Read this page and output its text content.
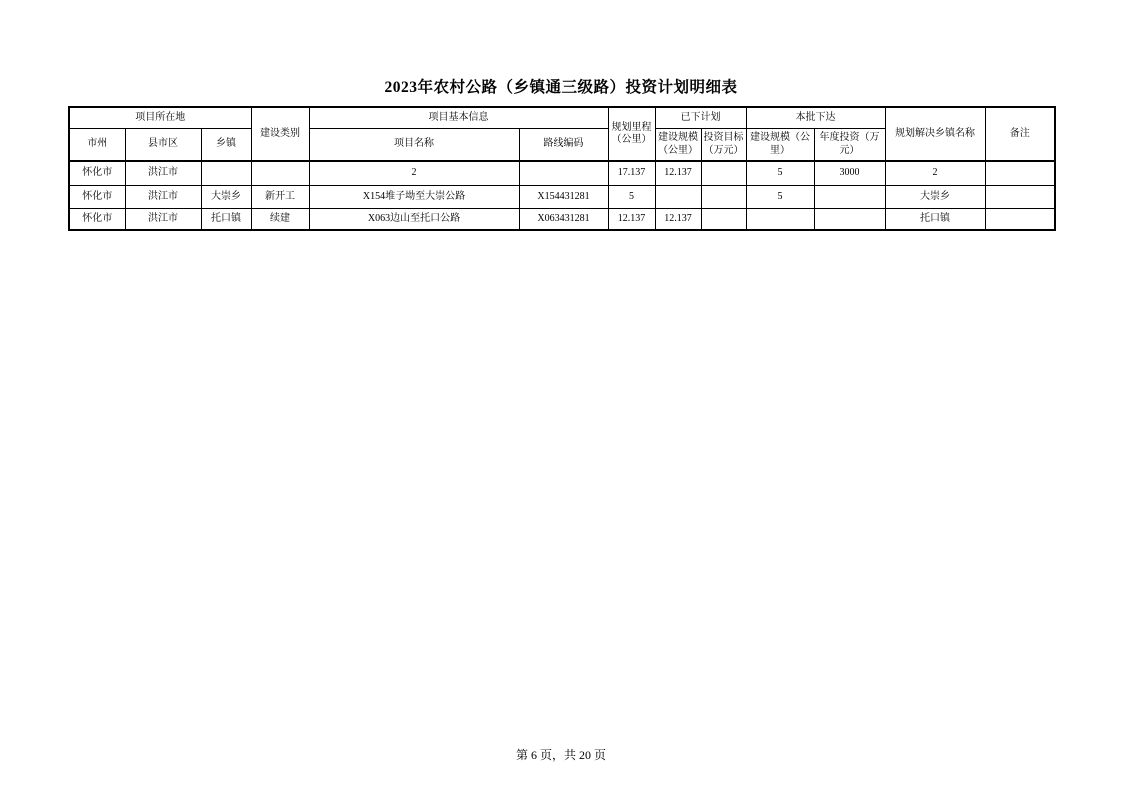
2023年农村公路（乡镇通三级路）投资计划明细表
项目所在地			建设类别	项目基本信息		规划里程（公里）	已下计划		本批下达		规划解决乡镇名称	备注
市州	县市区	乡镇		项目名称	路线编码		建设规模（公里）	投资目标（万元）	建设规模（公里）	年度投资（万元）		
怀化市	洪江市			2		17.137	12.137		5	3000	2	
怀化市	洪江市	大崇乡	新开工	X154堆子坳至大崇公路	X154431281	5			5		大崇乡	
怀化市	洪江市	托口镇	续建	X063边山至托口公路	X063431281	12.137	12.137				托口镇	
第 6 页，共 20 页
